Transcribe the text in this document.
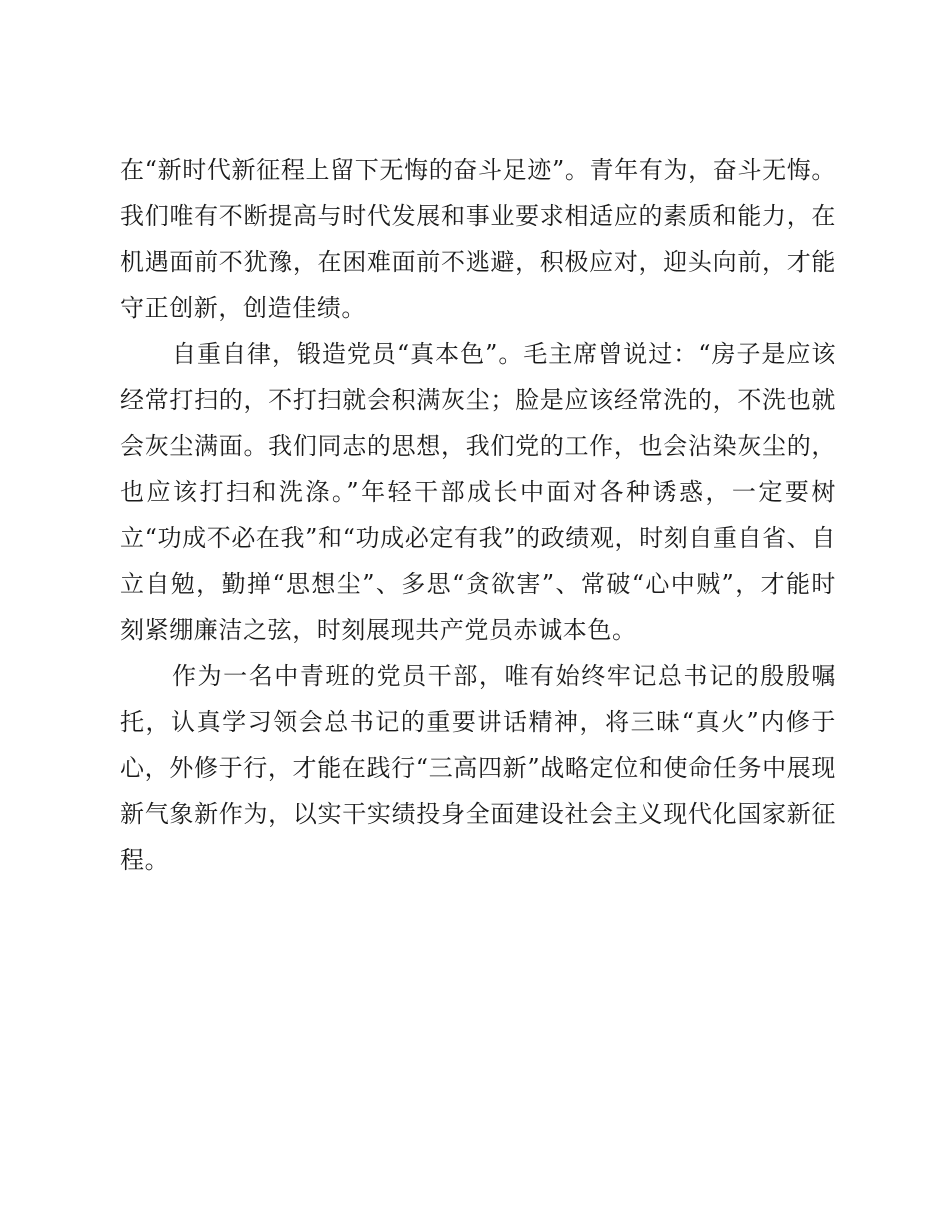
在“新时代新征程上留下无悔的奋斗足迹”。青年有为，奋斗无悔。我们唯有不断提高与时代发展和事业要求相适应的素质和能力，在机遇面前不犹豫，在困难面前不逃避，积极应对，迎头向前，才能守正创新，创造佳绩。

自重自律，锻造党员“真本色”。毛主席曾说过：“房子是应该经常打扫的，不打扫就会积满灰尘；脸是应该经常洗的，不洗也就会灰尘满面。我们同志的思想，我们党的工作，也会沾染灰尘的，也应该打扫和洗涤。”年轻干部成长中面对各种诱惑，一定要树立“功成不必在我”和“功成必定有我”的政绩观，时刻自重自省、自立自勉，勤掸“思想尘”、多思“贪欲害”、常破“心中贼”，才能时刻紧绷廉洁之弦，时刻展现共产党员赤诚本色。

作为一名中青班的党员干部，唯有始终牢记总书记的殷殷嘱托，认真学习领会总书记的重要讲话精神，将三昧“真火”内修于心，外修于行，才能在践行“三高四新”战略定位和使命任务中展现新气象新作为，以实干实绩投身全面建设社会主义现代化国家新征程。
